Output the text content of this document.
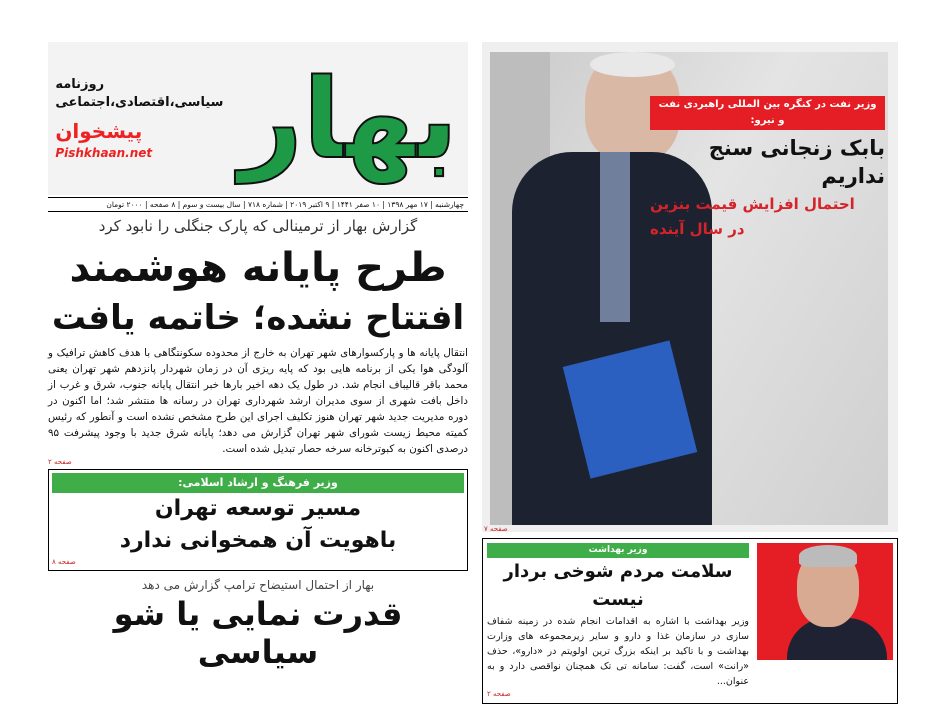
بهار
روزنامه
سیاسی،اقتصادی،اجتماعی
پیشخوان
Pishkhaan.net
چهارشنبه | ۱۷ مهر ۱۳۹۸ | ۱۰ صفر ۱۴۴۱ | ۹ اکتبر ۲۰۱۹ | شماره ۷۱۸ | سال بیست و سوم | ۸ صفحه | ۲۰۰۰ تومان
گزارش بهار از ترمینالی که پارک جنگلی را نابود کرد
طرح پایانه هوشمند
افتتاح نشده؛ خاتمه یافت
انتقال پایانه ها و پارکسوارهای شهر تهران به خارج از محدوده سکونتگاهی با هدف کاهش ترافیک و آلودگی هوا یکی از برنامه هایی بود که پایه ریزی آن در زمان شهردار پانزدهم شهر تهران یعنی محمد باقر قالیباف انجام شد. در طول یک دهه اخیر بارها خبر انتقال پایانه جنوب، شرق و غرب از داخل بافت شهری از سوی مدیران ارشد شهرداری تهران در رسانه ها منتشر شد؛ اما اکنون در دوره مدیریت جدید شهر تهران هنوز تکلیف اجرای این طرح مشخص نشده است و آنطور که رئیس کمیته محیط زیست شورای شهر تهران گزارش می دهد؛ پایانه شرق جدید با وجود پیشرفت ۹۵ درصدی اکنون به کبوترخانه سرخه حصار تبدیل شده است.
صفحه ۲
وزیر فرهنگ و ارشاد اسلامی:
مسیر توسعه تهران
باهویت آن همخوانی ندارد
صفحه ۸
بهار از احتمال استیضاح ترامپ گزارش می دهد
قدرت نمایی یا شو سیاسی
وزیر نفت در کنگره بین المللی راهبردی نفت و نیرو:
بابک زنجانی سنج نداریم
احتمال افزایش قیمت بنزین
در سال آینده
صفحه ۷
وزیر بهداشت
سلامت مردم شوخی بردار نیست
وزیر بهداشت با اشاره به اقدامات انجام شده در زمینه شفاف سازی در سازمان غذا و دارو و سایر زیرمجموعه های وزارت بهداشت و با تاکید بر اینکه بزرگ ترین اولویتم در «دارو»، حذف «رانت» است، گفت: سامانه تی تک همچنان نواقصی دارد و به عنوان...
صفحه ۲
